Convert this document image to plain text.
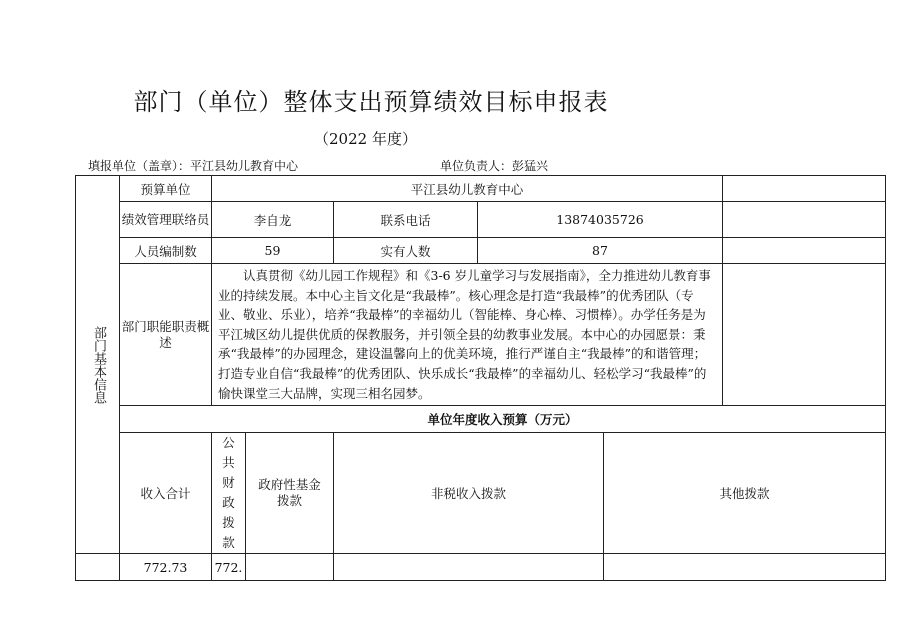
部门（单位）整体支出预算绩效目标申报表
（2022 年度）
填报单位（盖章）：平江县幼儿教育中心	单位负责人：彭猛兴
部门基本信息	预算单位	平江县幼儿教育中心					
	绩效管理联络员	李自龙		联系电话	13874035726		
	人员编制数	59		实有人数	87		
	部门职能职责概述	认真贯彻《幼儿园工作规程》和《3-6 岁儿童学习与发展指南》，全力推进幼儿教育事业的持续发展。本中心主旨文化是“我最棒”。核心理念是打造“我最棒”的优秀团队（专业、敬业、乐业），培养“我最棒”的幸福幼儿（智能棒、身心棒、习惯棒）。办学任务是为平江城区幼儿提供优质的保教服务，并引领全县的幼教事业发展。本中心的办园愿景：秉承“我最棒”的办园理念，建设温馨向上的优美环境，推行严谨自主“我最棒”的和谐管理；打造专业自信“我最棒”的优秀团队、快乐成长“我最棒”的幸福幼儿、轻松学习“我最棒”的愉快课堂三大品牌，实现三相名园梦。					
	单位年度收入预算（万元）						
	收入合计	公共财政拨款	政府性基金拨款	非税收入拨款		其他拨款	
	772.73	772.					
